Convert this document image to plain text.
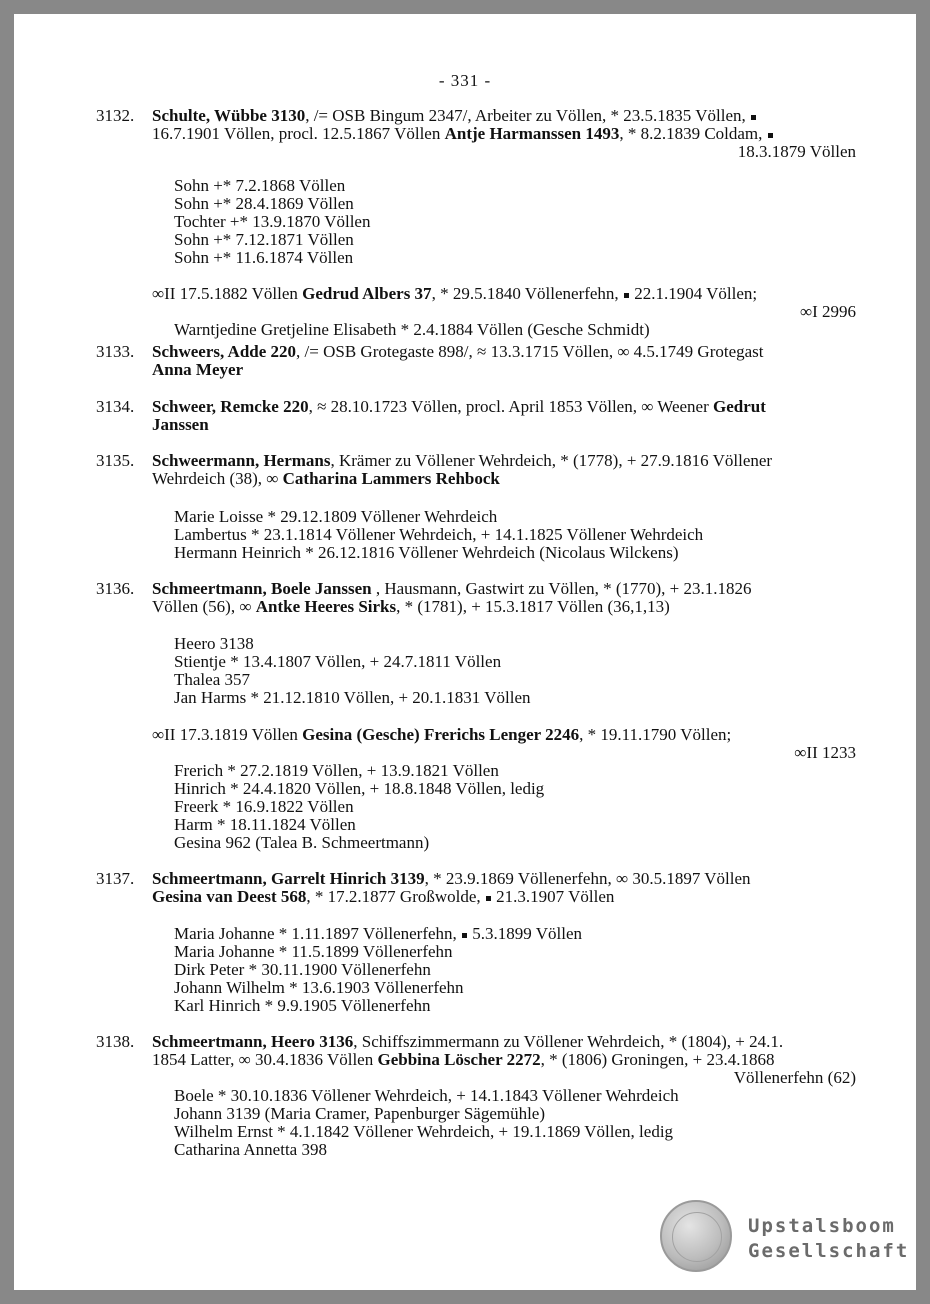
- 331 -
3132. Schulte, Wübbe 3130, /= OSB Bingum 2347/, Arbeiter zu Völlen, * 23.5.1835 Völlen,
16.7.1901 Völlen, procl. 12.5.1867 Völlen Antje Harmanssen 1493, * 8.2.1839 Coldam,
18.3.1879 Völlen
Sohn +* 7.2.1868 Völlen
Sohn +* 28.4.1869 Völlen
Tochter +* 13.9.1870 Völlen
Sohn +* 7.12.1871 Völlen
Sohn +* 11.6.1874 Völlen
∞II 17.5.1882 Völlen Gedrud Albers 37, * 29.5.1840 Völlenerfehn,  22.1.1904 Völlen;
∞I 2996
Warntjedine Gretjeline Elisabeth * 2.4.1884 Völlen (Gesche Schmidt)
3133. Schweers, Adde 220, /= OSB Grotegaste 898/, ≈ 13.3.1715 Völlen, ∞ 4.5.1749 Grotegast
Anna Meyer
3134. Schweer, Remcke 220, ≈ 28.10.1723 Völlen, procl. April 1853 Völlen, ∞ Weener Gedrut
Janssen
3135. Schweermann, Hermans, Krämer zu Völlener Wehrdeich, * (1778), + 27.9.1816 Völlener
Wehrdeich (38), ∞ Catharina Lammers Rehbock
Marie Loisse * 29.12.1809 Völlener Wehrdeich
Lambertus * 23.1.1814 Völlener Wehrdeich, + 14.1.1825 Völlener Wehrdeich
Hermann Heinrich * 26.12.1816 Völlener Wehrdeich (Nicolaus Wilckens)
3136. Schmeertmann, Boele Janssen , Hausmann, Gastwirt zu Völlen, * (1770), + 23.1.1826
Völlen (56), ∞ Antke Heeres Sirks, * (1781), + 15.3.1817 Völlen (36,1,13)
Heero 3138
Stientje * 13.4.1807 Völlen, + 24.7.1811 Völlen
Thalea 357
Jan Harms * 21.12.1810 Völlen, + 20.1.1831 Völlen
∞II 17.3.1819 Völlen Gesina (Gesche) Frerichs Lenger 2246, * 19.11.1790 Völlen;
∞II 1233
Frerich * 27.2.1819 Völlen, + 13.9.1821 Völlen
Hinrich * 24.4.1820 Völlen, + 18.8.1848 Völlen, ledig
Freerk * 16.9.1822 Völlen
Harm * 18.11.1824 Völlen
Gesina 962 (Talea B. Schmeertmann)
3137. Schmeertmann, Garrelt Hinrich 3139, * 23.9.1869 Völlenerfehn, ∞ 30.5.1897 Völlen
Gesina van Deest 568, * 17.2.1877 Großwolde,  21.3.1907 Völlen
Maria Johanne * 1.11.1897 Völlenerfehn,  5.3.1899 Völlen
Maria Johanne * 11.5.1899 Völlenerfehn
Dirk Peter * 30.11.1900 Völlenerfehn
Johann Wilhelm * 13.6.1903 Völlenerfehn
Karl Hinrich * 9.9.1905 Völlenerfehn
3138. Schmeertmann, Heero 3136, Schiffszimmermann zu Völlener Wehrdeich, * (1804), + 24.1.
1854 Latter, ∞ 30.4.1836 Völlen Gebbina Löscher 2272, * (1806) Groningen, + 23.4.1868
Völlenerfehn (62)
Boele * 30.10.1836 Völlener Wehrdeich, + 14.1.1843 Völlener Wehrdeich
Johann 3139 (Maria Cramer, Papenburger Sägemühle)
Wilhelm Ernst * 4.1.1842 Völlener Wehrdeich, + 19.1.1869 Völlen, ledig
Catharina Annetta 398
Upstalsboom
Gesellschaft
